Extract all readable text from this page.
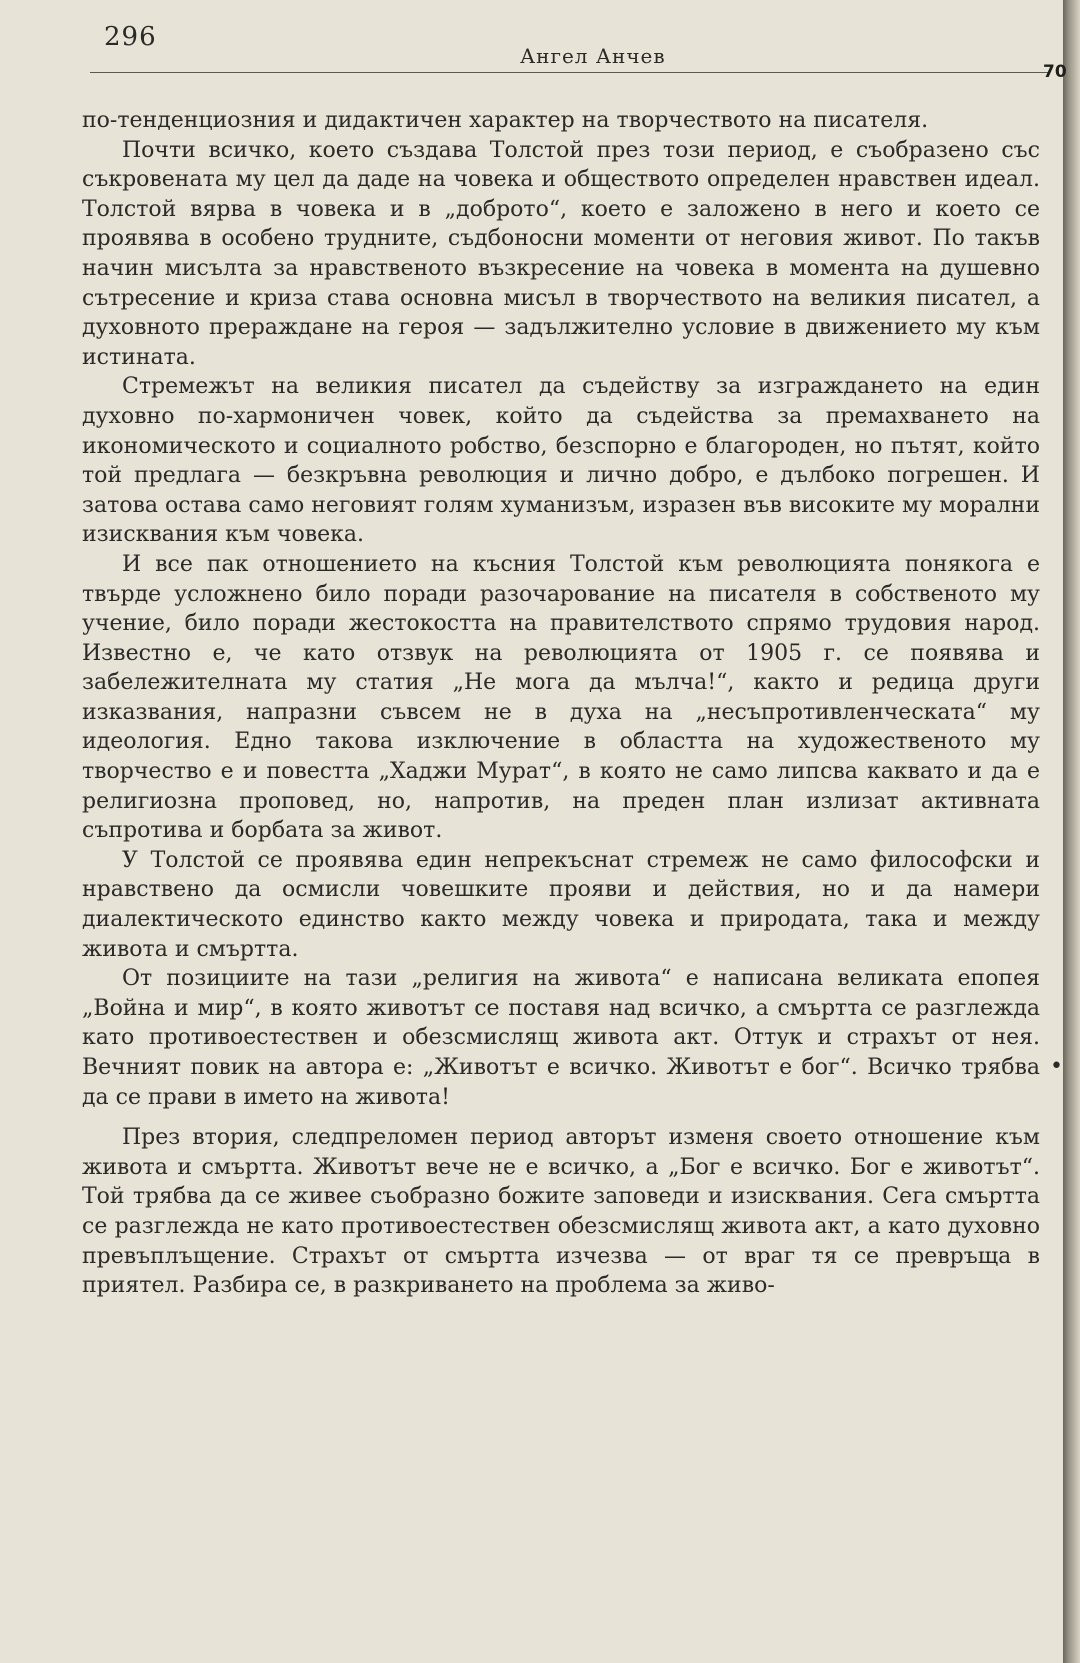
296
Ангел Анчев
70

по-тенденциозния и дидактичен характер на творчеството на писателя.

Почти всичко, което създава Толстой през този период, е съобразено със съкровената му цел да даде на човека и обществото определен нравствен идеал. Толстой вярва в човека и в „доброто“, което е заложено в него и което се проявява в особено трудните, съдбоносни моменти от неговия живот. По такъв начин мисълта за нравственото възкресение на човека в момента на душевно сътресение и криза става основна мисъл в творчеството на великия писател, а духовното прераждане на героя — задължително условие в движението му към истината.

Стремежът на великия писател да съдейству за изграждането на един духовно по-хармоничен човек, който да съдейства за премахването на икономическото и социалното робство, безспорно е благороден, но пътят, който той предлага — безкръвна революция и лично добро, е дълбоко погрешен. И затова остава само неговият голям хуманизъм, изразен във високите му морални изисквания към човека.

И все пак отношението на късния Толстой към революцията понякога е твърде усложнено било поради разочарование на писателя в собственото му учение, било поради жестокостта на правителството спрямо трудовия народ. Известно е, че като отзвук на революцията от 1905 г. се появява и забележителната му статия „Не мога да мълча!“, както и редица други изказвания, напразни съвсем не в духа на „несъпротивленческата“ му идеология. Едно такова изключение в областта на художественото му творчество е и повестта „Хаджи Мурат“, в която не само липсва каквато и да е религиозна проповед, но, напротив, на преден план излизат активната съпротива и борбата за живот.

У Толстой се проявява един непрекъснат стремеж не само философски и нравствено да осмисли човешките прояви и действия, но и да намери диалектическото единство както между човека и природата, така и между живота и смъртта.

От позициите на тази „религия на живота“ е написана великата епопея „Война и мир“, в която животът се поставя над всичко, а смъртта се разглежда като противоестествен и обезсмислящ живота акт. Оттук и страхът от нея. Вечният повик на автора е: „Животът е всичко. Животът е бог“. Всичко трябва да се прави в името на живота!

През втория, следпреломен период авторът изменя своето отношение към живота и смъртта. Животът вече не е всичко, а „Бог е всичко. Бог е животът“. Той трябва да се живее съобразно божите заповеди и изисквания. Сега смъртта се разглежда не като противоестествен обезсмислящ живота акт, а като духовно превъплъщение. Страхът от смъртта изчезва — от враг тя се превръща в приятел. Разбира се, в разкриването на проблема за живо-

•
